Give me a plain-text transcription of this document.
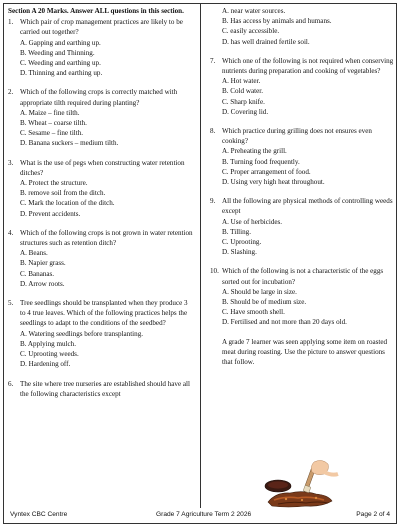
Section A 20 Marks. Answer ALL questions in this section.
1. Which pair of crop management practices are likely to be carried out together?
A. Gapping and earthing up.
B. Weeding and Thinning.
C. Weeding and earthing up.
D. Thinning and earthing up.
2. Which of the following crops is correctly matched with appropriate tilth required during planting?
A. Maize – fine tilth.
B. Wheat – coarse tilth.
C. Sesame – fine tilth.
D. Banana suckers – medium tilth.
3. What is the use of pegs when constructing water retention ditches?
A. Protect the structure.
B. remove soil from the ditch.
C. Mark the location of the ditch.
D. Prevent accidents.
4. Which of the following crops is not grown in water retention structures such as retention ditch?
A. Beans.
B. Napier grass.
C. Bananas.
D. Arrow roots.
5. Tree seedlings should be transplanted when they produce 3 to 4 true leaves. Which of the following practices helps the seedlings to adapt to the conditions of the seedbed?
A. Watering seedlings before transplanting.
B. Applying mulch.
C. Uprooting weeds.
D. Hardening off.
6. The site where tree nurseries are established should have all the following characteristics except
A. near water sources.
B. Has access by animals and humans.
C. easily accessible.
D. has well drained fertile soil.
7. Which one of the following is not required when conserving nutrients during preparation and cooking of vegetables?
A. Hot water.
B. Cold water.
C. Sharp knife.
D. Covering lid.
8. Which practice during grilling does not ensures even cooking?
A. Preheating the grill.
B. Turning food frequently.
C. Proper arrangement of food.
D. Using very high heat throughout.
9. All the following are physical methods of controlling weeds except
A. Use of herbicides.
B. Tilling.
C. Uprooting.
D. Slashing.
10. Which of the following is not a characteristic of the eggs sorted out for incubation?
A. Should be large in size.
B. Should be of medium size.
C. Have smooth shell.
D. Fertilised and not more than 20 days old.
A grade 7 learner was seen applying some item on roasted meat during roasting. Use the picture to answer questions that follow.
Vyntex CBC Centre	Grade 7 Agriculture Term 2 2026	Page 2 of 4
